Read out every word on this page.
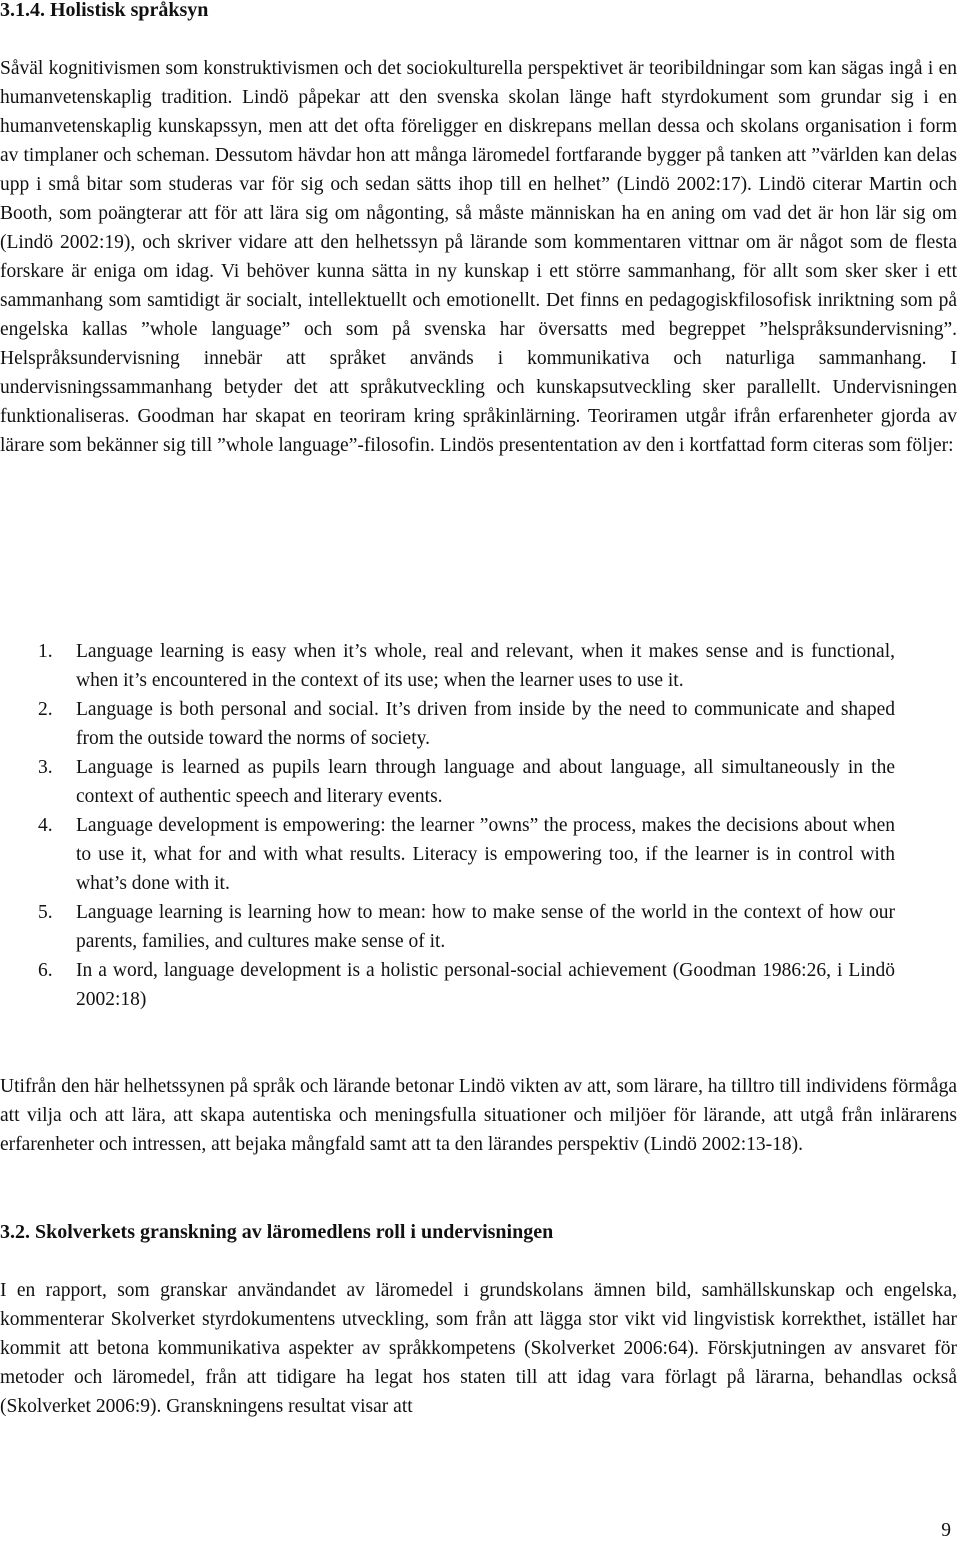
3.1.4. Holistisk språksyn

Såväl kognitivismen som konstruktivismen och det sociokulturella perspektivet är teoribildningar som kan sägas ingå i en humanvetenskaplig tradition. Lindö påpekar att den svenska skolan länge haft styrdokument som grundar sig i en humanvetenskaplig kunskapssyn, men att det ofta föreligger en diskrepans mellan dessa och skolans organisation i form av timplaner och scheman. Dessutom hävdar hon att många läromedel fortfarande bygger på tanken att ”världen kan delas upp i små bitar som studeras var för sig och sedan sätts ihop till en helhet” (Lindö 2002:17). Lindö citerar Martin och Booth, som poängterar att för att lära sig om någonting, så måste människan ha en aning om vad det är hon lär sig om (Lindö 2002:19), och skriver vidare att den helhetssyn på lärande som kommentaren vittnar om är något som de flesta forskare är eniga om idag. Vi behöver kunna sätta in ny kunskap i ett större sammanhang, för allt som sker sker i ett sammanhang som samtidigt är socialt, intellektuellt och emotionellt. Det finns en pedagogiskfilosofisk inriktning som på engelska kallas ”whole language” och som på svenska har översatts med begreppet ”helspråksundervisning”. Helspråksundervisning innebär att språket används i kommunikativa och naturliga sammanhang. I undervisningssammanhang betyder det att språkutveckling och kunskapsutveckling sker parallellt. Undervisningen funktionaliseras. Goodman har skapat en teoriram kring språkinlärning. Teoriramen utgår ifrån erfarenheter gjorda av lärare som bekänner sig till ”whole language”-filosofin. Lindös presententation av den i kortfattad form citeras som följer:

1. Language learning is easy when it’s whole, real and relevant, when it makes sense and is functional, when it’s encountered in the context of its use; when the learner uses to use it.
2. Language is both personal and social. It’s driven from inside by the need to communicate and shaped from the outside toward the norms of society.
3. Language is learned as pupils learn through language and about language, all simultaneously in the context of authentic speech and literary events.
4. Language development is empowering: the learner ”owns” the process, makes the decisions about when to use it, what for and with what results. Literacy is empowering too, if the learner is in control with what’s done with it.
5. Language learning is learning how to mean: how to make sense of the world in the context of how our parents, families, and cultures make sense of it.
6. In a word, language development is a holistic personal-social achievement (Goodman 1986:26, i Lindö 2002:18)

Utifrån den här helhetssynen på språk och lärande betonar Lindö vikten av att, som lärare, ha tilltro till individens förmåga att vilja och att lära, att skapa autentiska och meningsfulla situationer och miljöer för lärande, att utgå från inlärarens erfarenheter och intressen, att bejaka mångfald samt att ta den lärandes perspektiv (Lindö 2002:13-18).

3.2. Skolverkets granskning av läromedlens roll i undervisningen

I en rapport, som granskar användandet av läromedel i grundskolans ämnen bild, samhällskunskap och engelska, kommenterar Skolverket styrdokumentens utveckling, som från att lägga stor vikt vid lingvistisk korrekthet, istället har kommit att betona kommunikativa aspekter av språkkompetens (Skolverket 2006:64). Förskjutningen av ansvaret för metoder och läromedel, från att tidigare ha legat hos staten till att idag vara förlagt på lärarna, behandlas också (Skolverket 2006:9). Granskningens resultat visar att

9
